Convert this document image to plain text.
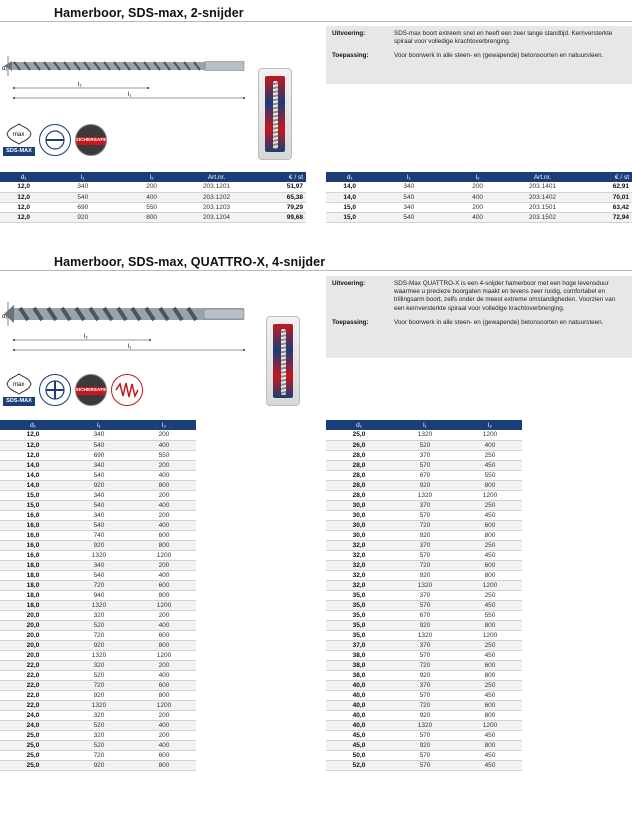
Hamerboor, SDS-max, 2-snijder
d₁
l₂
l₁
max
SDS-MAX
SICHERSAFE
Uitvoering:	SDS-max boort extreem snel en heeft een zeer lange standtijd. Kernversterkte spiraal voor volledige krachtoverbrenging.
Toepassing:	Voor boorwerk in alle steen- en (gewapende) betonsoorten en natuursteen.
d₁	l₁	l₂	Art.nr.	€ / st
12,0	340	200	203.1201	51,97
12,0	540	400	203.1202	65,38
12,0	690	550	203.1203	79,29
12,0	920	800	203.1204	99,68
d₁	l₁	l₂	Art.nr.	€ / st
14,0	340	200	203.1401	62,91
14,0	540	400	203.1402	70,01
15,0	340	200	203.1501	63,42
15,0	540	400	203.1502	72,94
Hamerboor, SDS-max, QUATTRO-X, 4-snijder
d₁
l₂
l₁
max
SDS-MAX
SICHERSAFE
Uitvoering:	SDS-Max QUATTRO-X is een 4-snijder hamerboor met een hoge levensduur waarmee u precieze boorgaten maakt en tevens zeer rustig, comfortabel en trillingsarm boort, zelfs onder de meest extreme omstandigheden. Voorzien van een kernversterkte spiraal voor volledige krachtoverbrenging.
Toepassing:	Voor boorwerk in alle steen- en (gewapende) betonsoorten en natuursteen.
d₁	l₁	l₂
12,0	340	200
12,0	540	400
12,0	690	550
14,0	340	200
14,0	540	400
14,0	920	800
15,0	340	200
15,0	540	400
16,0	340	200
16,0	540	400
16,0	740	600
16,0	920	800
16,0	1320	1200
18,0	340	200
18,0	540	400
18,0	720	600
18,0	940	800
18,0	1320	1200
20,0	320	200
20,0	520	400
20,0	720	600
20,0	920	800
20,0	1320	1200
22,0	320	200
22,0	520	400
22,0	720	600
22,0	920	800
22,0	1320	1200
24,0	320	200
24,0	520	400
25,0	320	200
25,0	520	400
25,0	720	600
25,0	920	800
d₁	l₁	l₂
25,0	1320	1200
26,0	520	400
28,0	370	250
28,0	570	450
28,0	670	550
28,0	920	800
28,0	1320	1200
30,0	370	250
30,0	570	450
30,0	720	600
30,0	920	800
32,0	370	250
32,0	570	450
32,0	720	600
32,0	920	800
32,0	1320	1200
35,0	370	250
35,0	570	450
35,0	670	550
35,0	920	800
35,0	1320	1200
37,0	370	250
38,0	570	450
38,0	720	600
38,0	920	800
40,0	370	250
40,0	570	450
40,0	720	600
40,0	920	800
40,0	1320	1200
45,0	570	450
45,0	920	800
50,0	570	450
52,0	570	450
